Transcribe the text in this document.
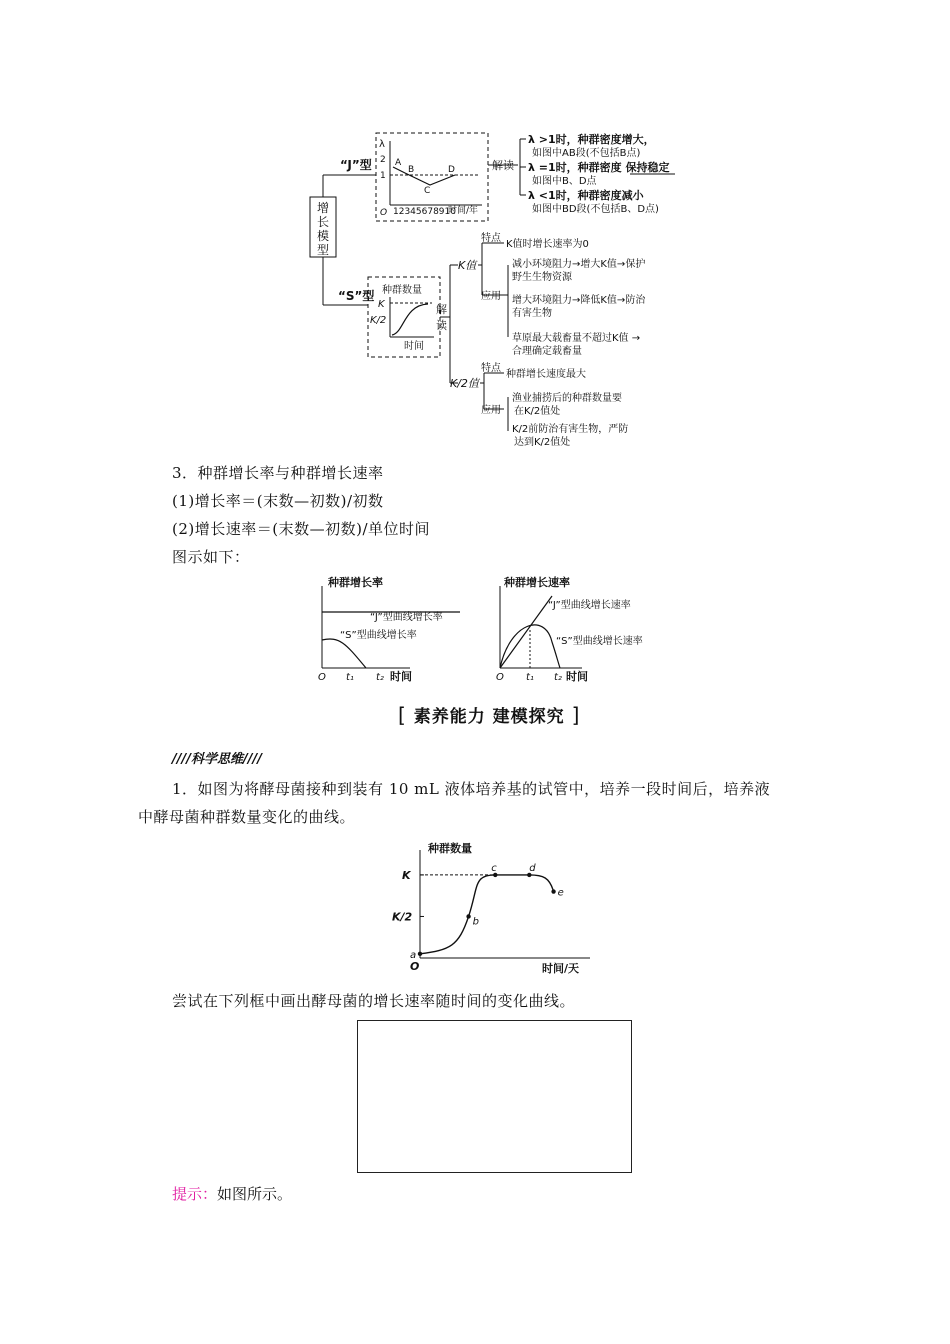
增
长
模
型
“J”型
λ
2
1
O 12345678910
时间/年
A
B
C
D	解读
λ >1时，种群密度增大，
如图中AB段(不包括B点)
λ =1时，种群密度 保持稳定
如图中B、D点
λ <1时，种群密度减小
如图中BD段(不包括B、D点)
“S”型 种群数量
K
K/2
时间
解
读
K值
特点
K值时增长速率为0
应用
减小环境阻力→增大K值→保护
野生生物资源
增大环境阻力→降低K值→防治
有害生物
草原最大载畜量不超过K值 →
合理确定载畜量
K/2值
特点
种群增长速度最大
应用
渔业捕捞后的种群数量要
在K/2值处
K/2前防治有害生物，严防
达到K/2值处
3．种群增长率与种群增长速率
(1)增长率＝(末数—初数)/初数
(2)增长速率＝(末数—初数)/单位时间
图示如下：
种群增长率
“J”型曲线增长率
“S”型曲线增长率
O t₁ t₂ 时间
种群增长速率
“J”型曲线增长速率
“S”型曲线增长速率
O t₁ t₂ 时间
[ 素养能力 建模探究 ]
////科学思维////
1．如图为将酵母菌接种到装有 10 mL 液体培养基的试管中，培养一段时间后，培养液
中酵母菌种群数量变化的曲线。
种群数量
O	时间/天
K/2
K
a
b
c	d
e
尝试在下列框中画出酵母菌的增长速率随时间的变化曲线。
提示：如图所示。
